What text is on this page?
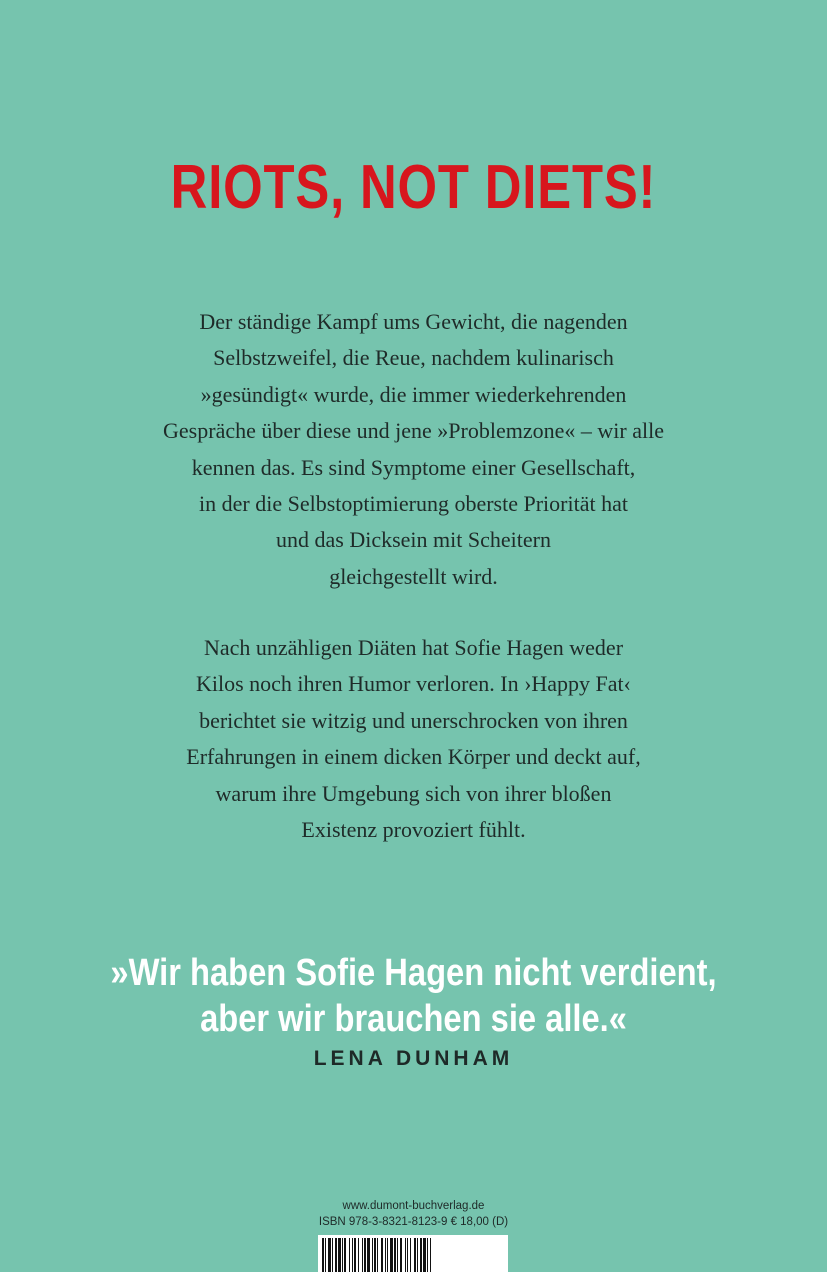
RIOTS, NOT DIETS!
Der ständige Kampf ums Gewicht, die nagenden
Selbstzweifel, die Reue, nachdem kulinarisch
»gesündigt« wurde, die immer wiederkehrenden
Gespräche über diese und jene »Problemzone« – wir alle
kennen das. Es sind Symptome einer Gesellschaft,
in der die Selbstoptimierung oberste Priorität hat
und das Dicksein mit Scheitern
gleichgestellt wird.
Nach unzähligen Diäten hat Sofie Hagen weder
Kilos noch ihren Humor verloren. In ›Happy Fat‹
berichtet sie witzig und unerschrocken von ihren
Erfahrungen in einem dicken Körper und deckt auf,
warum ihre Umgebung sich von ihrer bloßen
Existenz provoziert fühlt.
»Wir haben Sofie Hagen nicht verdient,
aber wir brauchen sie alle.«
LENA DUNHAM
www.dumont-buchverlag.de
ISBN 978-3-8321-8123-9 € 18,00 (D)
